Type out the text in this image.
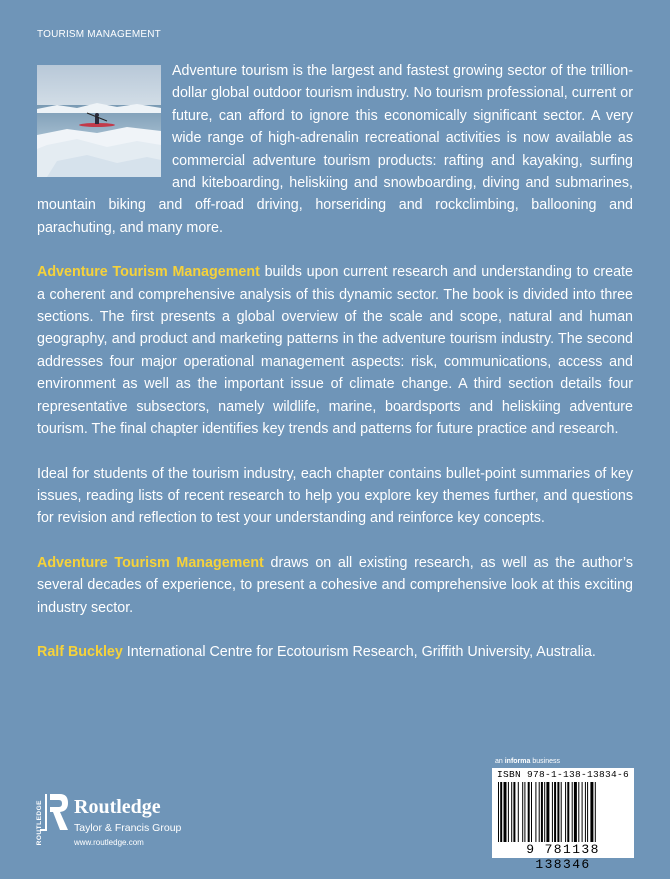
TOURISM MANAGEMENT

Adventure tourism is the largest and fastest growing sector of the trillion-dollar global outdoor tourism industry. No tourism professional, current or future, can afford to ignore this economically significant sector. A very wide range of high-adrenalin recreational activities is now available as commercial adventure tourism products: rafting and kayaking, surfing and kiteboarding, heliskiing and snowboarding, diving and submarines, mountain biking and off-road driving, horseriding and rockclimbing, ballooning and parachuting, and many more.

Adventure Tourism Management builds upon current research and understanding to create a coherent and comprehensive analysis of this dynamic sector. The book is divided into three sections. The first presents a global overview of the scale and scope, natural and human geography, and product and marketing patterns in the adventure tourism industry. The second addresses four major operational management aspects: risk, communications, access and environment as well as the important issue of climate change. A third section details four representative subsectors, namely wildlife, marine, boardsports and heliskiing adventure tourism. The final chapter identifies key trends and patterns for future practice and research.

Ideal for students of the tourism industry, each chapter contains bullet-point summaries of key issues, reading lists of recent research to help you explore key themes further, and questions for revision and reflection to test your understanding and reinforce key concepts.

Adventure Tourism Management draws on all existing research, as well as the author’s several decades of experience, to present a cohesive and comprehensive look at this exciting industry sector.

Ralf Buckley International Centre for Ecotourism Research, Griffith University, Australia.

an informa business
ISBN 978-1-138-13834-6
9 781138 138346
ROUTLEDGE Routledge
Taylor & Francis Group
www.routledge.com
